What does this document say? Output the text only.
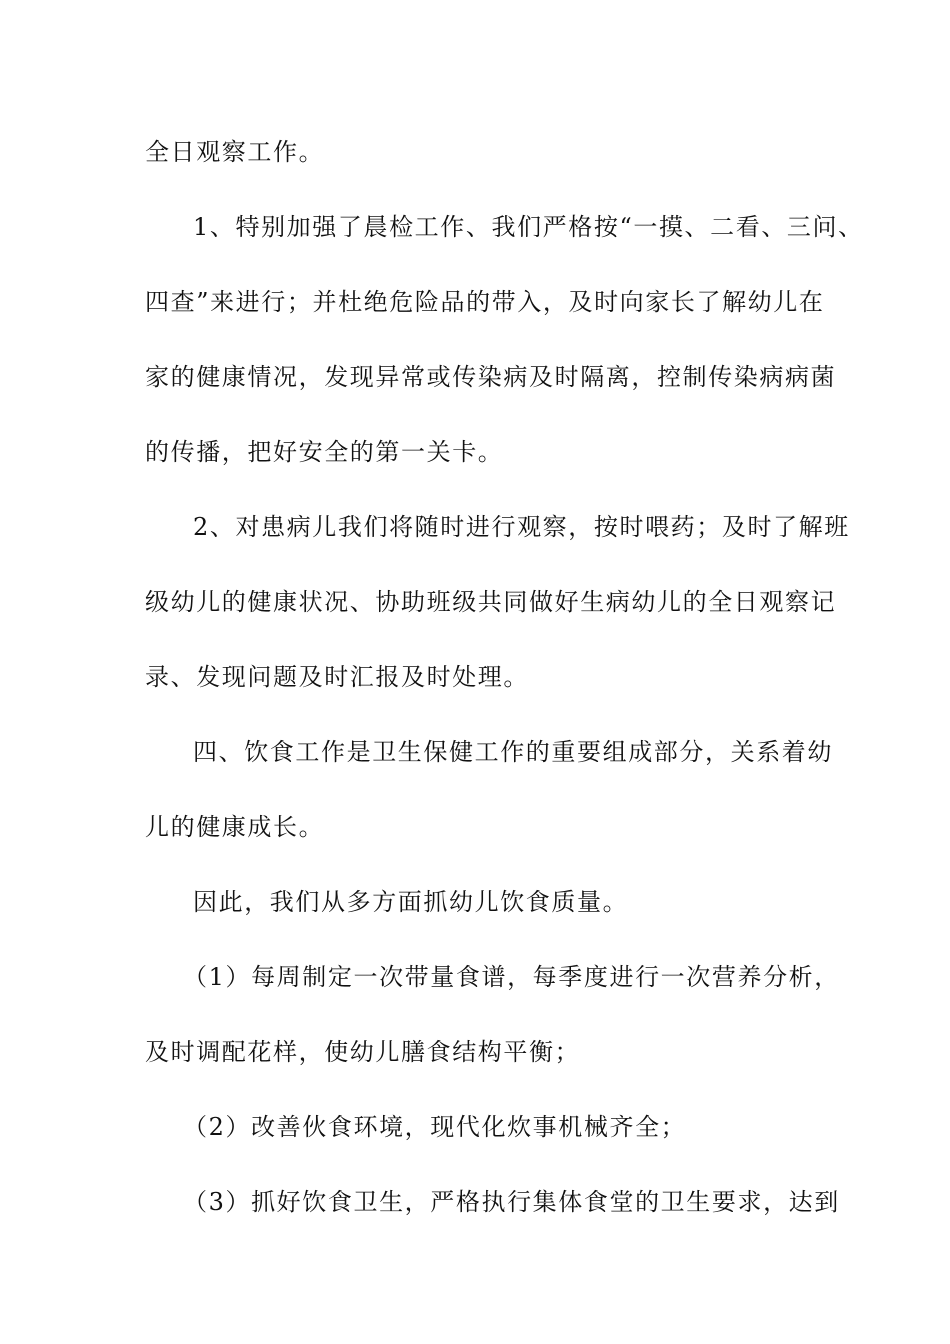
全日观察工作。
1、特别加强了晨检工作、我们严格按“一摸、二看、三问、
四查”来进行；并杜绝危险品的带入，及时向家长了解幼儿在
家的健康情况，发现异常或传染病及时隔离，控制传染病病菌
的传播，把好安全的第一关卡。
2、对患病儿我们将随时进行观察，按时喂药；及时了解班
级幼儿的健康状况、协助班级共同做好生病幼儿的全日观察记
录、发现问题及时汇报及时处理。
四、饮食工作是卫生保健工作的重要组成部分，关系着幼
儿的健康成长。
因此，我们从多方面抓幼儿饮食质量。
（1）每周制定一次带量食谱，每季度进行一次营养分析，
及时调配花样，使幼儿膳食结构平衡；
（2）改善伙食环境，现代化炊事机械齐全；
（3）抓好饮食卫生，严格执行集体食堂的卫生要求，达到
